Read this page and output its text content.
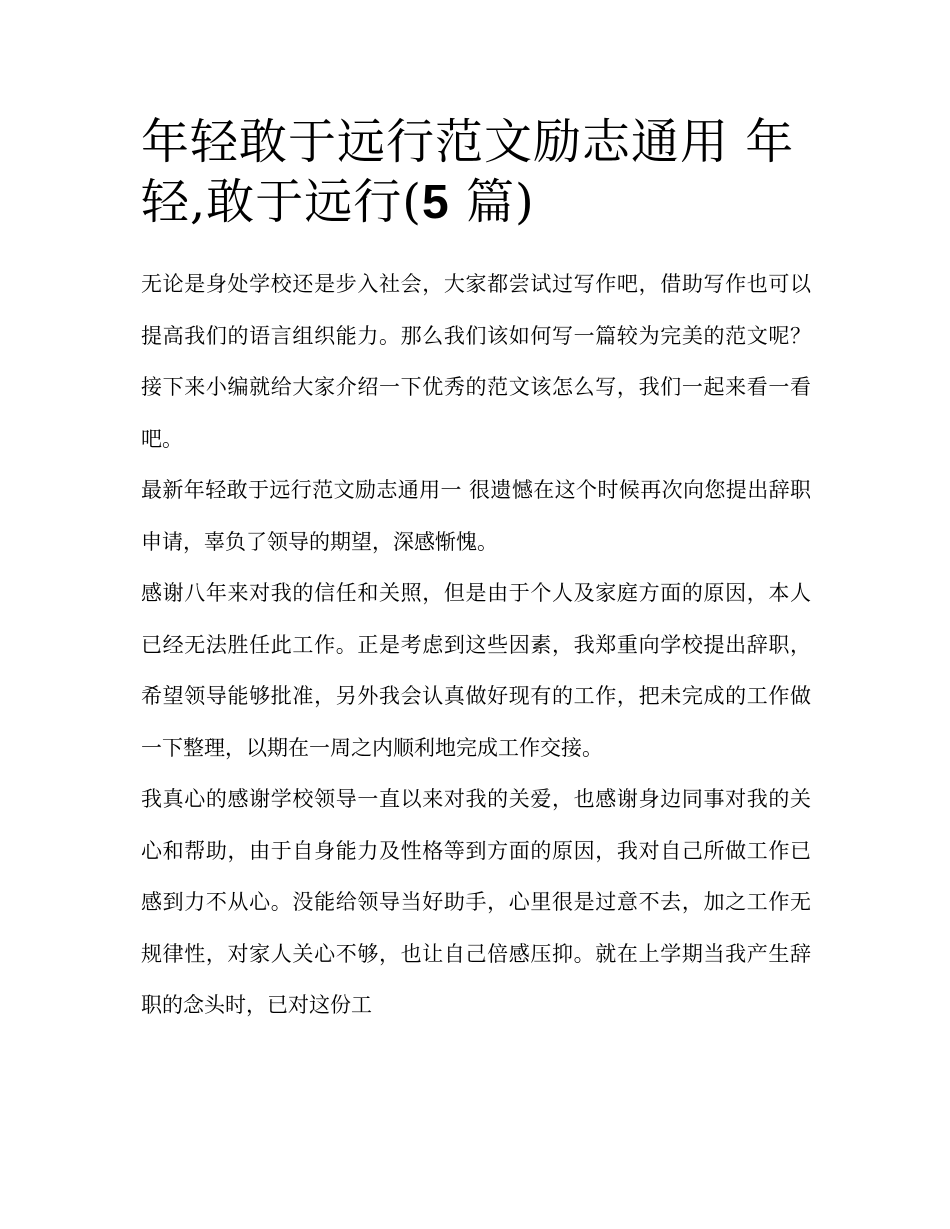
年轻敢于远行范文励志通用 年轻,敢于远行(5 篇)

无论是身处学校还是步入社会，大家都尝试过写作吧，借助写作也可以提高我们的语言组织能力。那么我们该如何写一篇较为完美的范文呢？接下来小编就给大家介绍一下优秀的范文该怎么写，我们一起来看一看吧。

最新年轻敢于远行范文励志通用一 很遗憾在这个时候再次向您提出辞职申请，辜负了领导的期望，深感惭愧。

感谢八年来对我的信任和关照，但是由于个人及家庭方面的原因，本人已经无法胜任此工作。正是考虑到这些因素，我郑重向学校提出辞职，希望领导能够批准，另外我会认真做好现有的工作，把未完成的工作做一下整理，以期在一周之内顺利地完成工作交接。

我真心的感谢学校领导一直以来对我的关爱，也感谢身边同事对我的关心和帮助，由于自身能力及性格等到方面的原因，我对自己所做工作已感到力不从心。没能给领导当好助手，心里很是过意不去，加之工作无规律性，对家人关心不够，也让自己倍感压抑。就在上学期当我产生辞职的念头时，已对这份工
